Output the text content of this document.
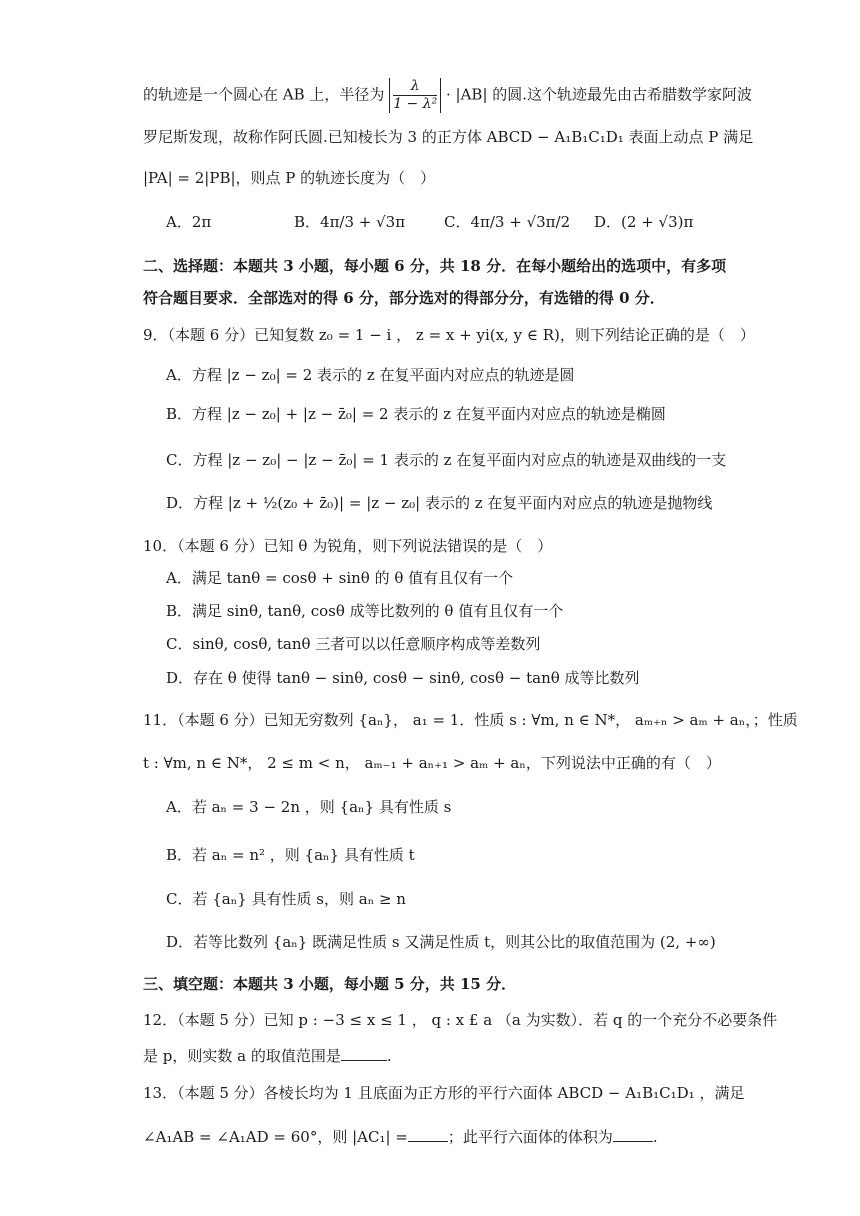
的轨迹是一个圆心在 AB 上，半径为 $\frac{\lambda}{\text{1 − λ²}} \cdot |AB|$ 的圆.这个轨迹最先由古希腊数学家阿波
罗尼斯发现，故称作阿氏圆.已知棱长为 3 的正方体 ABCD − A₁B₁C₁D₁ 表面上动点 P 满足
|PA| = 2|PB|，则点 P 的轨迹长度为（　）
A．2π	B．4π/3 + √3π	C．4π/3 + √3π/2 D．(2 + √3)π
二、选择题：本题共 3 小题，每小题 6 分，共 18 分．在每小题给出的选项中，有多项
符合题目要求．全部选对的得 6 分，部分选对的得部分分，有选错的得 0 分．
9．（本题 6 分）已知复数 z₀ = 1 − i ， z = x + yi(x, y ∈ R)，则下列结论正确的是（　）
A．方程 |z − z₀| = 2 表示的 z 在复平面内对应点的轨迹是圆
B．方程 |z − z₀| + |z − z̄₀| = 2 表示的 z 在复平面内对应点的轨迹是椭圆
C．方程 |z − z₀| − |z − z̄₀| = 1 表示的 z 在复平面内对应点的轨迹是双曲线的一支
D．方程 |z + ½(z₀ + z̄₀)| = |z − z₀| 表示的 z 在复平面内对应点的轨迹是抛物线
10．（本题 6 分）已知 θ 为锐角，则下列说法错误的是（　）
A．满足 tanθ = cosθ + sinθ 的 θ 值有且仅有一个
B．满足 sinθ, tanθ, cosθ 成等比数列的 θ 值有且仅有一个
C．sinθ, cosθ, tanθ 三者可以以任意顺序构成等差数列
D．存在 θ 使得 tanθ − sinθ, cosθ − sinθ, cosθ − tanθ 成等比数列
11．（本题 6 分）已知无穷数列 {aₙ}， a₁ = 1．性质 s : ∀m, n ∈ N*， aₘ₊ₙ > aₘ + aₙ，；性质
t : ∀m, n ∈ N*， 2 ≤ m < n， aₘ₋₁ + aₙ₊₁ > aₘ + aₙ，下列说法中正确的有（　）
A．若 aₙ = 3 − 2n ，则 {aₙ} 具有性质 s
B．若 aₙ = n² ，则 {aₙ} 具有性质 t
C．若 {aₙ} 具有性质 s，则 aₙ ≥ n
D．若等比数列 {aₙ} 既满足性质 s 又满足性质 t，则其公比的取值范围为 (2, +∞)
三、填空题：本题共 3 小题，每小题 5 分，共 15 分．
12．（本题 5 分）已知 p : −3 ≤ x ≤ 1 ， q : x £ a （a 为实数）．若 q 的一个充分不必要条件
是 p，则实数 a 的取值范围是	.
13．（本题 5 分）各棱长均为 1 且底面为正方形的平行六面体 ABCD − A₁B₁C₁D₁ ，满足
∠A₁AB = ∠A₁AD = 60°，则 |AC₁| =	；此平行六面体的体积为	.
